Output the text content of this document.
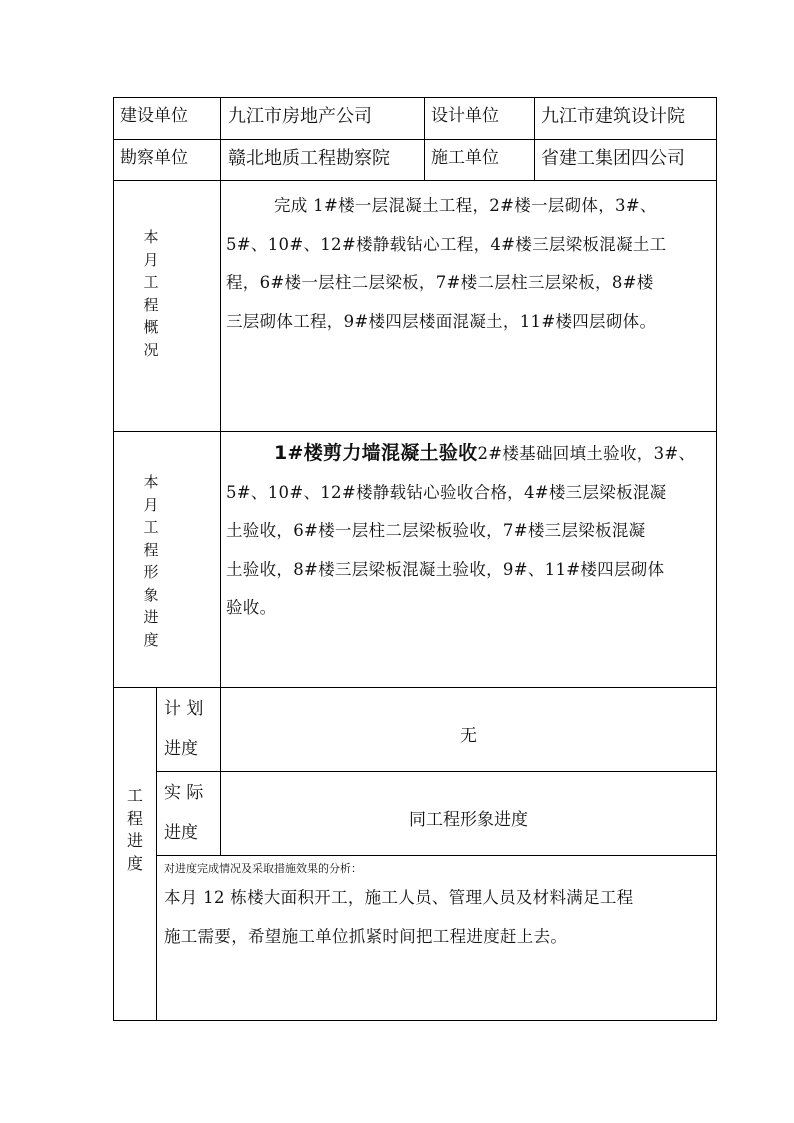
建设单位 九江市房地产公司	设计单位 九江市建筑设计院
勘察单位 赣北地质工程勘察院 施工单位 省建工集团四公司
本月工程概况
完成 1#楼一层混凝土工程，2#楼一层砌体，3#、
5#、10#、12#楼静载钻心工程，4#楼三层梁板混凝土工
程，6#楼一层柱二层梁板，7#楼二层柱三层梁板，8#楼
三层砌体工程，9#楼四层楼面混凝土，11#楼四层砌体。
本月工程形象进度
1#楼剪力墙混凝土验收2#楼基础回填土验收，3#、
5#、10#、12#楼静载钻心验收合格，4#楼三层梁板混凝
土验收，6#楼一层柱二层梁板验收，7#楼三层梁板混凝
土验收，8#楼三层梁板混凝土验收，9#、11#楼四层砌体
验收。
工程进度
计 划
进度
无
实 际
进度
同工程形象进度
对进度完成情况及采取措施效果的分析：
本月 12 栋楼大面积开工，施工人员、管理人员及材料满足工程
施工需要，希望施工单位抓紧时间把工程进度赶上去。
